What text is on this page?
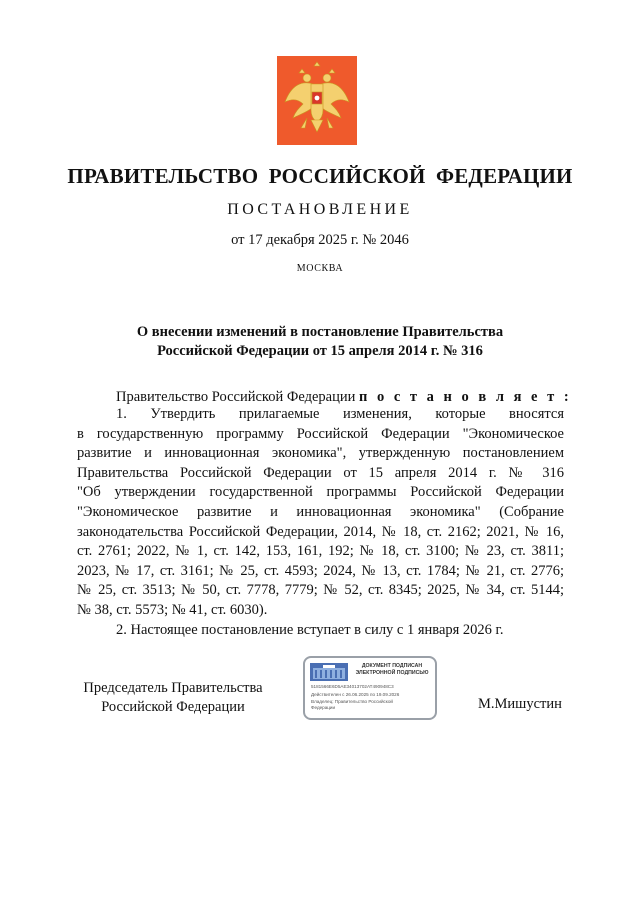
ПРАВИТЕЛЬСТВО РОССИЙСКОЙ ФЕДЕРАЦИИ
ПОСТАНОВЛЕНИЕ
от 17 декабря 2025 г. № 2046
МОСКВА
О внесении изменений в постановление Правительства
Российской Федерации от 15 апреля 2014 г. № 316
Правительство Российской Федерации п о с т а н о в л я е т :
1. Утвердить прилагаемые изменения, которые вносятся
в государственную программу Российской Федерации "Экономическое
развитие и инновационная экономика", утвержденную постановлением
Правительства Российской Федерации от 15 апреля 2014 г. № 316
"Об утверждении государственной программы Российской Федерации
"Экономическое развитие и инновационная экономика" (Собрание
законодательства Российской Федерации, 2014, № 18, ст. 2162; 2021, № 16,
ст. 2761; 2022, № 1, ст. 142, 153, 161, 192; № 18, ст. 3100; № 23, ст. 3811;
2023, № 17, ст. 3161; № 25, ст. 4593; 2024, № 13, ст. 1784; № 21, ст. 2776;
№ 25, ст. 3513; № 50, ст. 7778, 7779; № 52, ст. 8345; 2025, № 34, ст. 5144;
№ 38, ст. 5573; № 41, ст. 6030).
2. Настоящее постановление вступает в силу с 1 января 2026 г.
Председатель Правительства
Российской Федерации
ДОКУМЕНТ ПОДПИСАН
ЭЛЕКТРОННОЙ ПОДПИСЬЮ
5181566E6D5AE34013702AT490948C3
Действителен с 26.06.2025 по 19.09.2026
Владелец: Правительство Российской
Федерации	М.Мишустин
